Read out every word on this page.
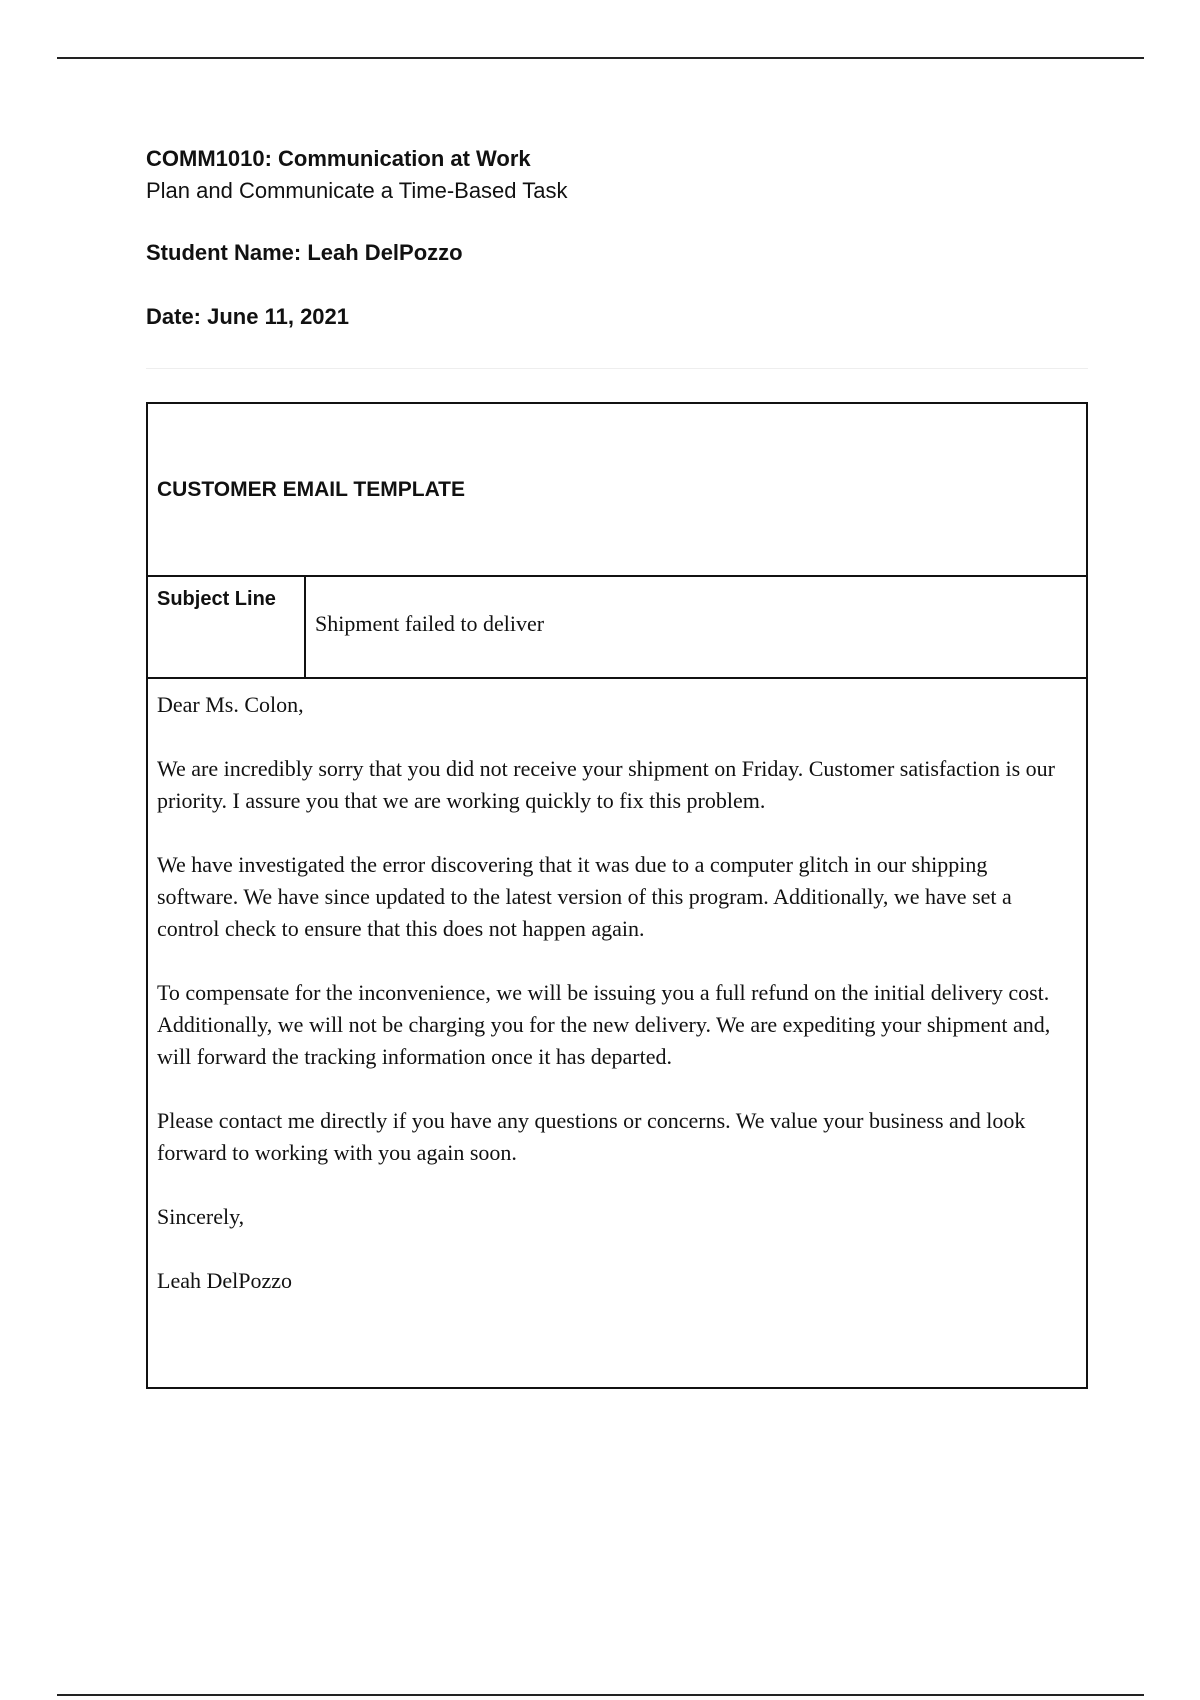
COMM1010: Communication at Work

Plan and Communicate a Time-Based Task

Student Name: Leah DelPozzo

Date: June 11, 2021

CUSTOMER EMAIL TEMPLATE

Subject Line
Shipment failed to deliver

Dear Ms. Colon,

We are incredibly sorry that you did not receive your shipment on Friday. Customer satisfaction is our priority. I assure you that we are working quickly to fix this problem.

We have investigated the error discovering that it was due to a computer glitch in our shipping software. We have since updated to the latest version of this program. Additionally, we have set a control check to ensure that this does not happen again.

To compensate for the inconvenience, we will be issuing you a full refund on the initial delivery cost. Additionally, we will not be charging you for the new delivery. We are expediting your shipment and, will forward the tracking information once it has departed.

Please contact me directly if you have any questions or concerns. We value your business and look forward to working with you again soon.

Sincerely,

Leah DelPozzo
